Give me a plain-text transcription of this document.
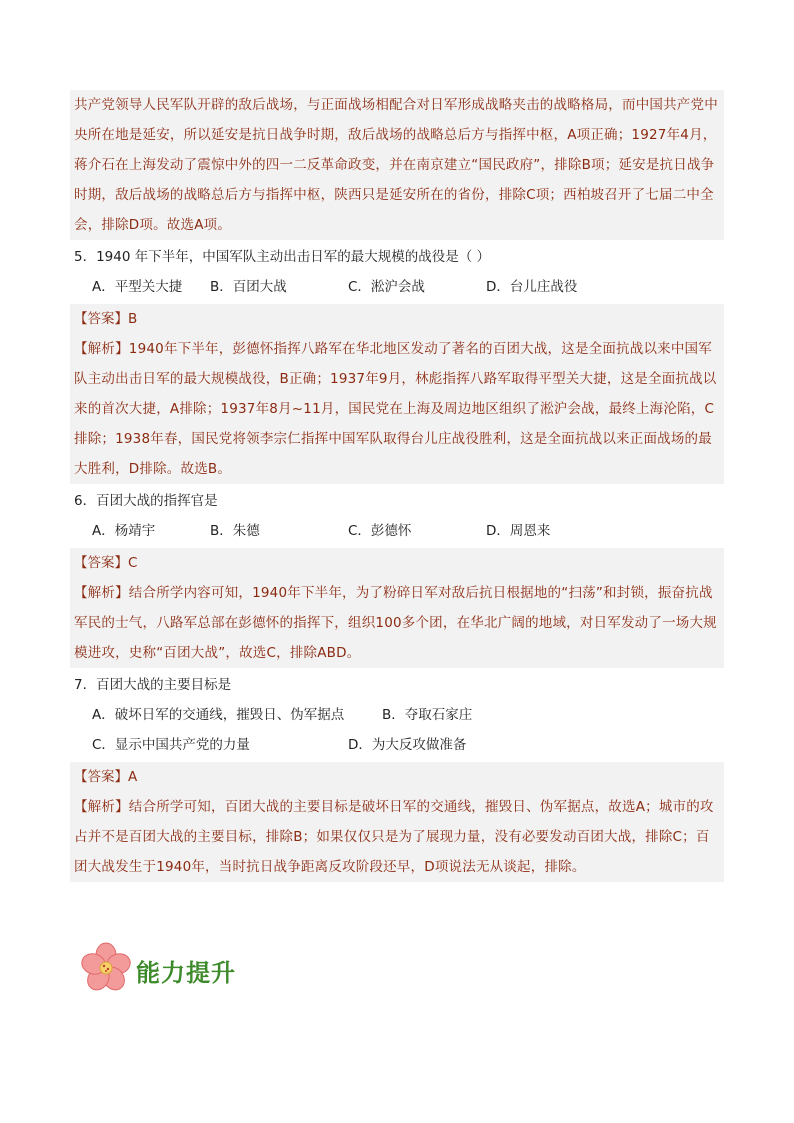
共产党领导人民军队开辟的敌后战场，与正面战场相配合对日军形成战略夹击的战略格局，而中国共产党中央所在地是延安，所以延安是抗日战争时期，敌后战场的战略总后方与指挥中枢，A项正确；1927年4月，蒋介石在上海发动了震惊中外的四一二反革命政变，并在南京建立“国民政府”，排除B项；延安是抗日战争时期，敌后战场的战略总后方与指挥中枢，陕西只是延安所在的省份，排除C项；西柏坡召开了七届二中全会，排除D项。故选A项。

5．1940 年下半年，中国军队主动出击日军的最大规模的战役是（ ）

A．平型关大捷	B．百团大战	C．淞沪会战	D．台儿庄战役
【答案】B
【解析】1940年下半年，彭德怀指挥八路军在华北地区发动了著名的百团大战，这是全面抗战以来中国军队主动出击日军的最大规模战役，B正确；1937年9月，林彪指挥八路军取得平型关大捷，这是全面抗战以来的首次大捷，A排除；1937年8月~11月，国民党在上海及周边地区组织了淞沪会战，最终上海沦陷，C排除；1938年春，国民党将领李宗仁指挥中国军队取得台儿庄战役胜利，这是全面抗战以来正面战场的最大胜利，D排除。故选B。

6．百团大战的指挥官是

A．杨靖宇	B．朱德	C．彭德怀	D．周恩来
【答案】C
【解析】结合所学内容可知，1940年下半年，为了粉碎日军对敌后抗日根据地的“扫荡”和封锁，振奋抗战军民的士气，八路军总部在彭德怀的指挥下，组织100多个团，在华北广阔的地域，对日军发动了一场大规模进攻，史称“百团大战”，故选C，排除ABD。

7．百团大战的主要目标是

A．破坏日军的交通线，摧毁日、伪军据点	B．夺取石家庄
C．显示中国共产党的力量	D．为大反攻做准备
【答案】A
【解析】结合所学可知，百团大战的主要目标是破坏日军的交通线，摧毁日、伪军据点，故选A；城市的攻占并不是百团大战的主要目标，排除B；如果仅仅只是为了展现力量，没有必要发动百团大战，排除C；百团大战发生于1940年，当时抗日战争距离反攻阶段还早，D项说法无从谈起，排除。
能力提升
